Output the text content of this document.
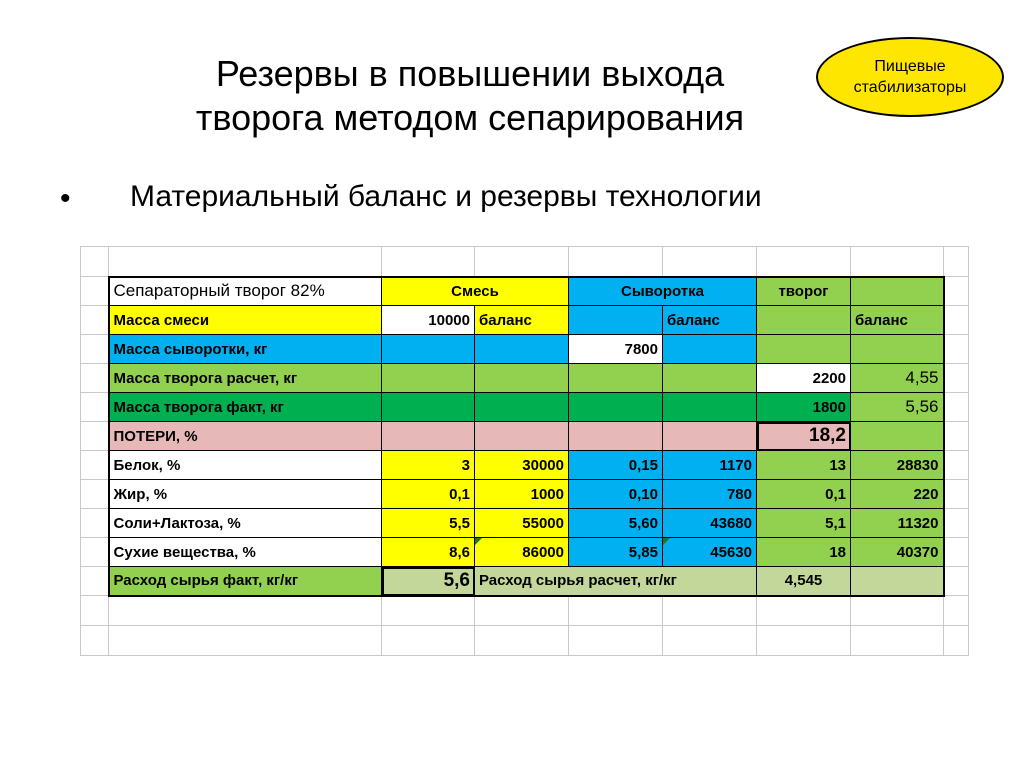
Резервы в повышении выхода
творога методом сепарирования
Пищевые
стабилизаторы
• Материальный баланс и резервы технологии

	Сепараторный творог 82%	Смесь		Сыворотка		творог		
	Масса смеси	10000	баланс		баланс		баланс	
	Масса сыворотки, кг			7800				
	Масса творога расчет, кг					2200	4,55	
	Масса творога факт, кг					1800	5,56	
	ПОТЕРИ, %					18,2		
	Белок, %	3	30000	0,15	1170	13	28830	
	Жир, %	0,1	1000	0,10	780	0,1	220	
	Соли+Лактоза, %	5,5	55000	5,60	43680	5,1	11320	
	Сухие вещества, %	8,6	86000	5,85	45630	18	40370	
	Расход сырья факт, кг/кг	5,6	Расход сырья расчет, кг/кг			4,545		
